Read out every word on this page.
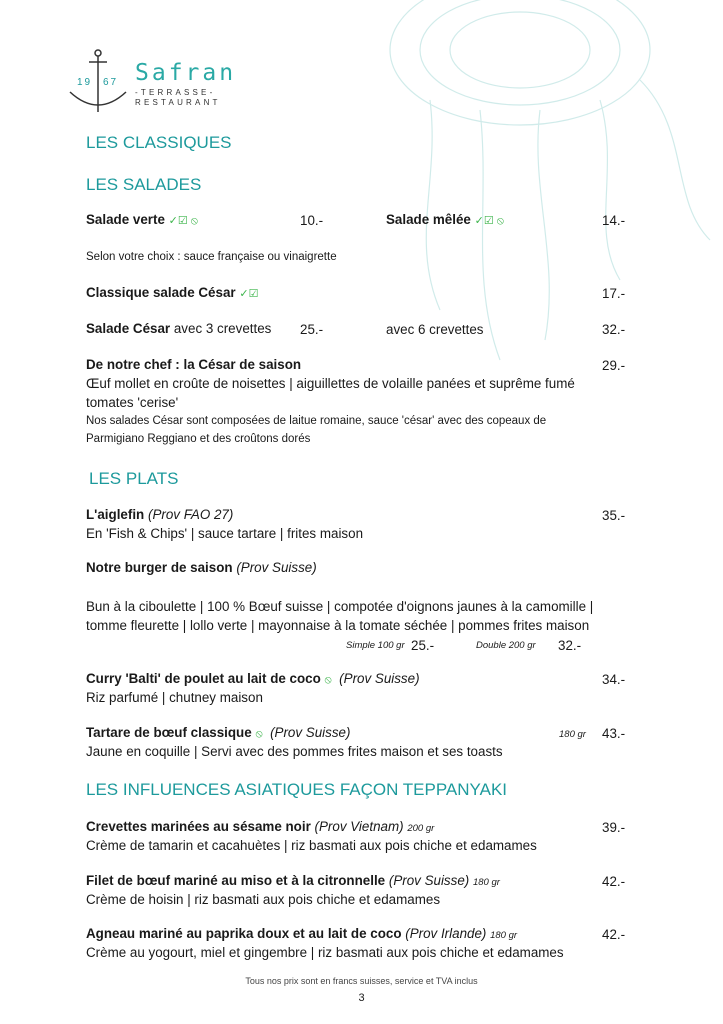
19 67 Safran
-TERRASSE-
RESTAURANT
LES CLASSIQUES
LES SALADES
Salade verte ✓☑ ⦸	10.-	Salade mêlée ✓☑ ⦸	14.-
Selon votre choix : sauce française ou vinaigrette
Classique salade César ✓☑	17.-
Salade César avec 3 crevettes 25.-	avec 6 crevettes	32.-
De notre chef : la César de saison	29.-
Œuf mollet en croûte de noisettes | aiguillettes de volaille panées et suprême fumé
tomates 'cerise'
Nos salades César sont composées de laitue romaine, sauce 'césar' avec des copeaux de
Parmigiano Reggiano et des croûtons dorés
LES PLATS
L'aiglefin (Prov FAO 27)	35.-
En 'Fish & Chips' | sauce tartare | frites maison
Notre burger de saison (Prov Suisse)
Bun à la ciboulette | 100 % Bœuf suisse | compotée d'oignons jaunes à la camomille |
tomme fleurette | lollo verte | mayonnaise à la tomate séchée | pommes frites maison
Simple 100 gr 25.-	Double 200 gr 32.-
Curry 'Balti' de poulet au lait de coco ⦸ (Prov Suisse)	34.-
Riz parfumé | chutney maison
Tartare de bœuf classique ⦸ (Prov Suisse)	180 gr 43.-
Jaune en coquille | Servi avec des pommes frites maison et ses toasts
LES INFLUENCES ASIATIQUES FAÇON TEPPANYAKI
Crevettes marinées au sésame noir (Prov Vietnam) 200 gr	39.-
Crème de tamarin et cacahuètes | riz basmati aux pois chiche et edamames
Filet de bœuf mariné au miso et à la citronnelle (Prov Suisse) 180 gr	42.-
Crème de hoisin | riz basmati aux pois chiche et edamames
Agneau mariné au paprika doux et au lait de coco (Prov Irlande) 180 gr	42.-
Crème au yogourt, miel et gingembre | riz basmati aux pois chiche et edamames
Tous nos prix sont en francs suisses, service et TVA inclus
3
